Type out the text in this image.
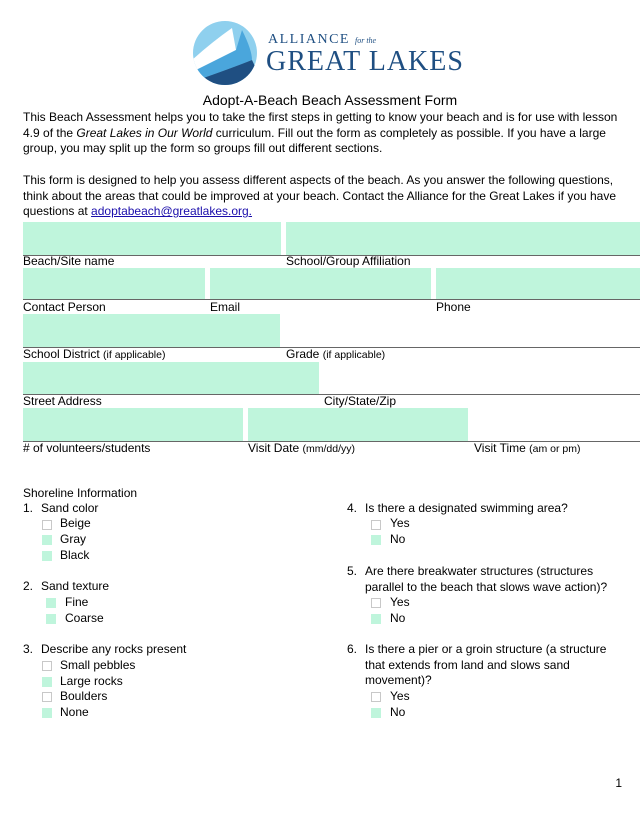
ALLIANCE for the
GREAT LAKES
Adopt-A-Beach Beach Assessment Form
This Beach Assessment helps you to take the first steps in getting to know your beach and is for use with lesson 4.9 of the Great Lakes in Our World curriculum. Fill out the form as completely as possible. If you have a large group, you may split up the form so groups fill out different sections.
This form is designed to help you assess different aspects of the beach. As you answer the following questions, think about the areas that could be improved at your beach. Contact the Alliance for the Great Lakes if you have questions at adoptabeach@greatlakes.org.
Beach/Site name	School/Group Affiliation
Contact Person	Email	Phone
School District (if applicable)	Grade (if applicable)
Street Address	City/State/Zip
# of volunteers/students	Visit Date (mm/dd/yy)	Visit Time (am or pm)
Shoreline Information
1. Sand color
Beige
Gray
Black
2. Sand texture
Fine
Coarse
3. Describe any rocks present
Small pebbles
Large rocks
Boulders
None
4. Is there a designated swimming area?
Yes
No
5. Are there breakwater structures (structures
parallel to the beach that slows wave action)?
Yes
No
6. Is there a pier or a groin structure (a structure
that extends from land and slows sand
movement)?
Yes
No
1
